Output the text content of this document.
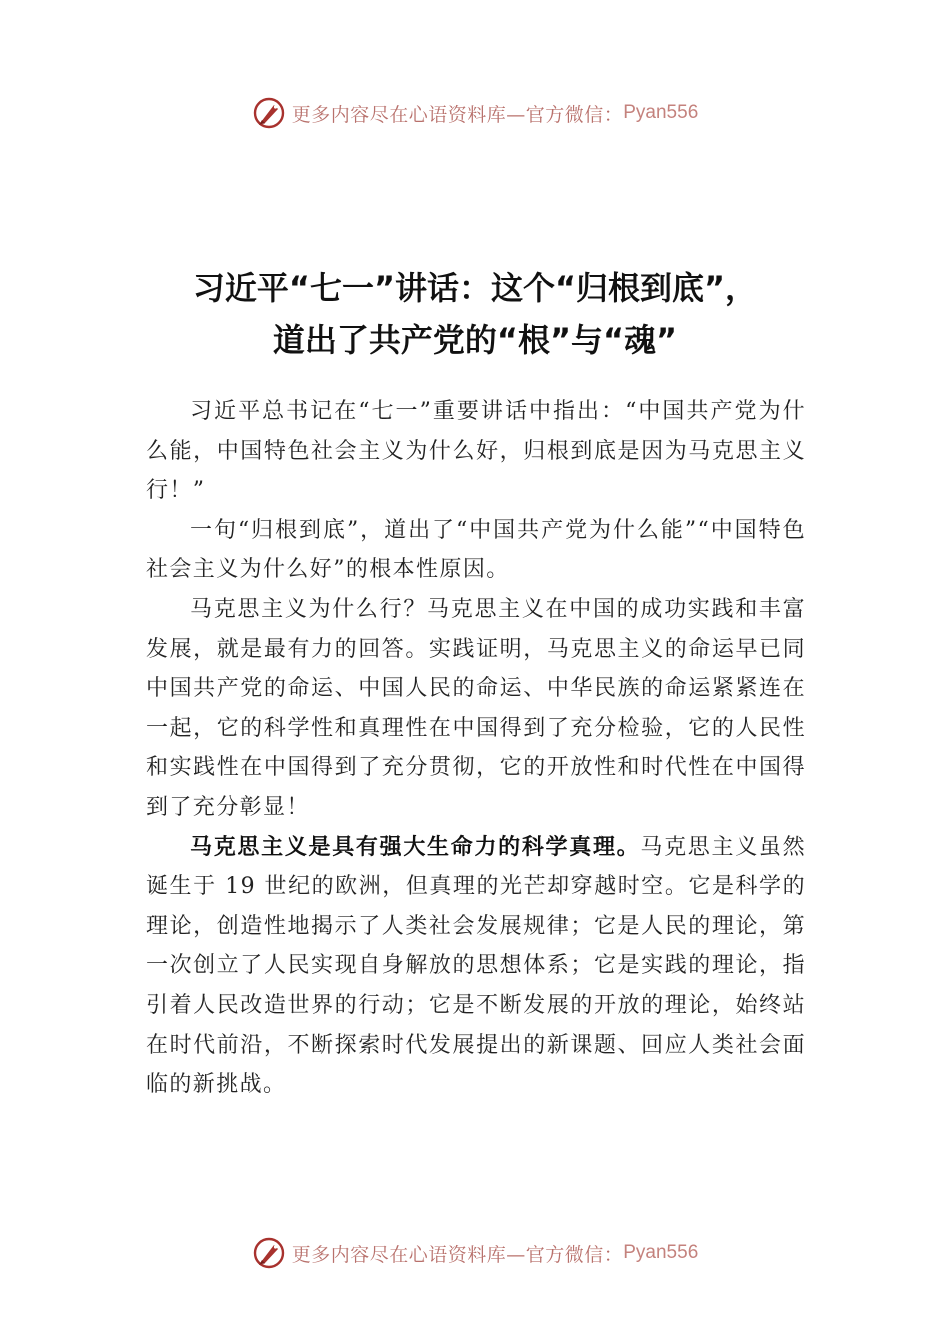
更多内容尽在心语资料库—官方微信： Pyan556
习近平“七一”讲话：这个“归根到底”，
道出了共产党的“根”与“魂”

习近平总书记在“七一”重要讲话中指出：“中国共产党为什么能，中国特色社会主义为什么好，归根到底是因为马克思主义行！”

一句“归根到底”，道出了“中国共产党为什么能”“中国特色社会主义为什么好”的根本性原因。

马克思主义为什么行？马克思主义在中国的成功实践和丰富发展，就是最有力的回答。实践证明，马克思主义的命运早已同中国共产党的命运、中国人民的命运、中华民族的命运紧紧连在一起，它的科学性和真理性在中国得到了充分检验，它的人民性和实践性在中国得到了充分贯彻，它的开放性和时代性在中国得到了充分彰显！

马克思主义是具有强大生命力的科学真理。马克思主义虽然诞生于 19 世纪的欧洲，但真理的光芒却穿越时空。它是科学的理论，创造性地揭示了人类社会发展规律；它是人民的理论，第一次创立了人民实现自身解放的思想体系；它是实践的理论，指引着人民改造世界的行动；它是不断发展的开放的理论，始终站在时代前沿，不断探索时代发展提出的新课题、回应人类社会面临的新挑战。

更多内容尽在心语资料库—官方微信： Pyan556
